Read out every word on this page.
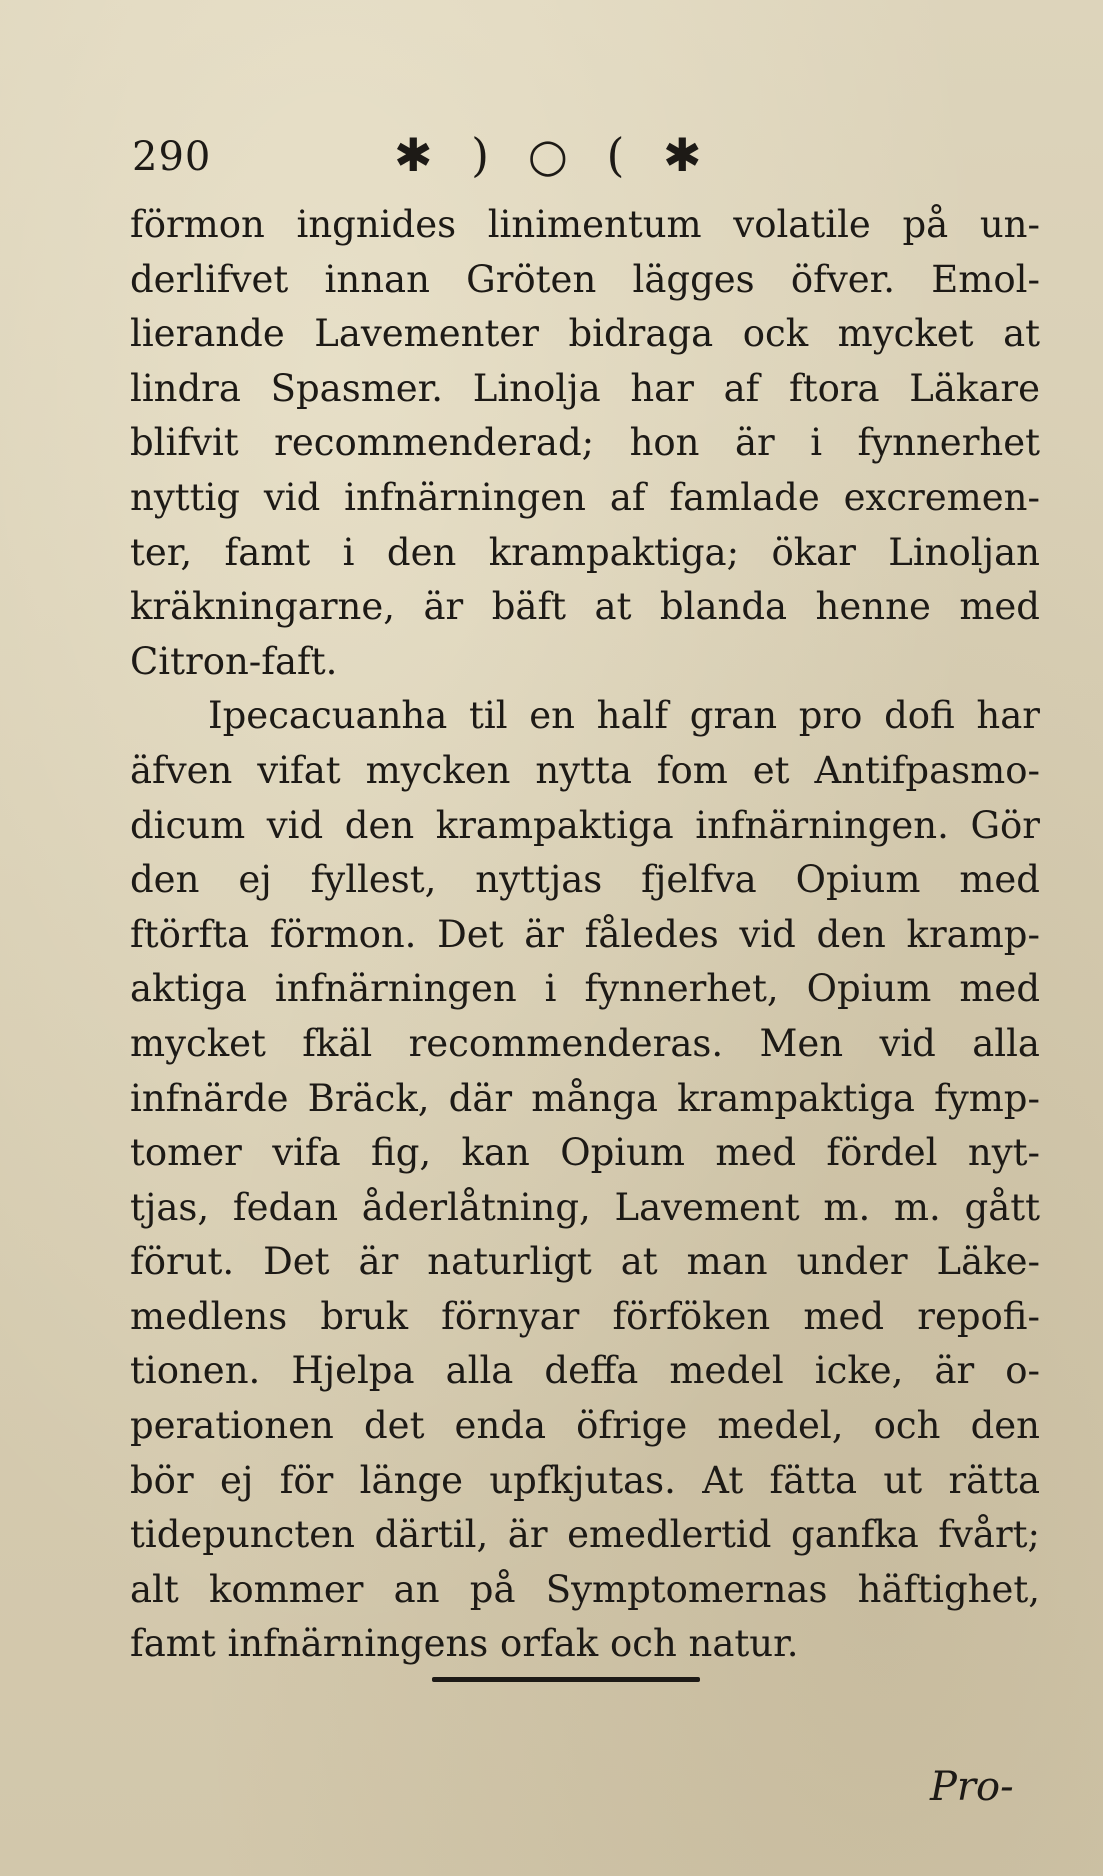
290	✱ ) ○ ( ✱
förmon ingnides linimentum volatile på un-
derlifvet innan Gröten lägges öfver. Emol-
lierande Lavementer bidraga ock mycket at
lindra Spasmer. Linolja har af ftora Läkare
blifvit recommenderad; hon är i fynnerhet
nyttig vid infnärningen af famlade excremen-
ter, famt i den krampaktiga; ökar Linoljan
kräkningarne, är bäft at blanda henne med
Citron-faft.
Ipecacuanha til en half gran pro dofi har
äfven vifat mycken nytta fom et Antifpasmo-
dicum vid den krampaktiga infnärningen. Gör
den ej fyllest, nyttjas fjelfva Opium med
ftörfta förmon. Det är fåledes vid den kramp-
aktiga infnärningen i fynnerhet, Opium med
mycket fkäl recommenderas. Men vid alla
infnärde Bräck, där många krampaktiga fymp-
tomer vifa fig, kan Opium med fördel nyt-
tjas, fedan åderlåtning, Lavement m. m. gått
förut. Det är naturligt at man under Läke-
medlens bruk förnyar förföken med repofi-
tionen. Hjelpa alla deffa medel icke, är o-
perationen det enda öfrige medel, och den
bör ej för länge upfkjutas. At fätta ut rätta
tidepuncten därtil, är emedlertid ganfka fvårt;
alt kommer an på Symptomernas häftighet,
famt infnärningens orfak och natur.
Pro-
